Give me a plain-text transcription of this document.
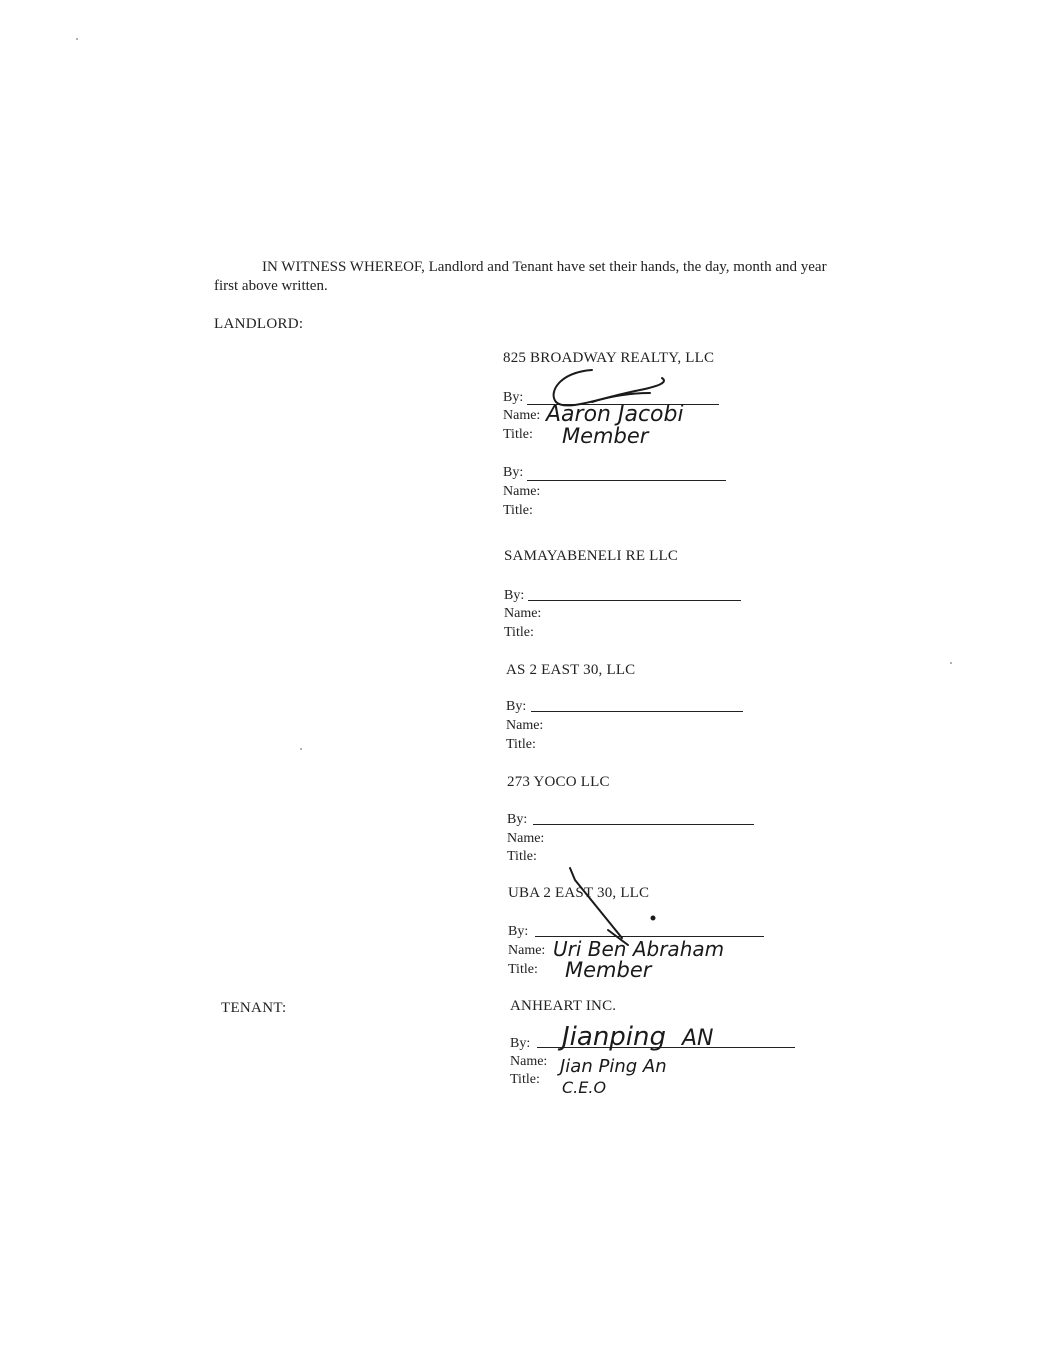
IN WITNESS WHEREOF, Landlord and Tenant have set their hands, the day, month and year first above written.
LANDLORD:
TENANT:
825 BROADWAY REALTY, LLC
By:
Name:
Title:
By:
Name:
Title:
SAMAYABENELI RE LLC
By:
Name:
Title:
AS 2 EAST 30, LLC
By:
Name:
Title:
273 YOCO LLC
By:
Name:
Title:
UBA 2 EAST 30, LLC
By:
Name:
Title:
ANHEART INC.
By:
Name:
Title:
Aaron Jacobi
Member
Uri Ben Abraham
Member
Jianping AN
Jian Ping An
C.E.O
